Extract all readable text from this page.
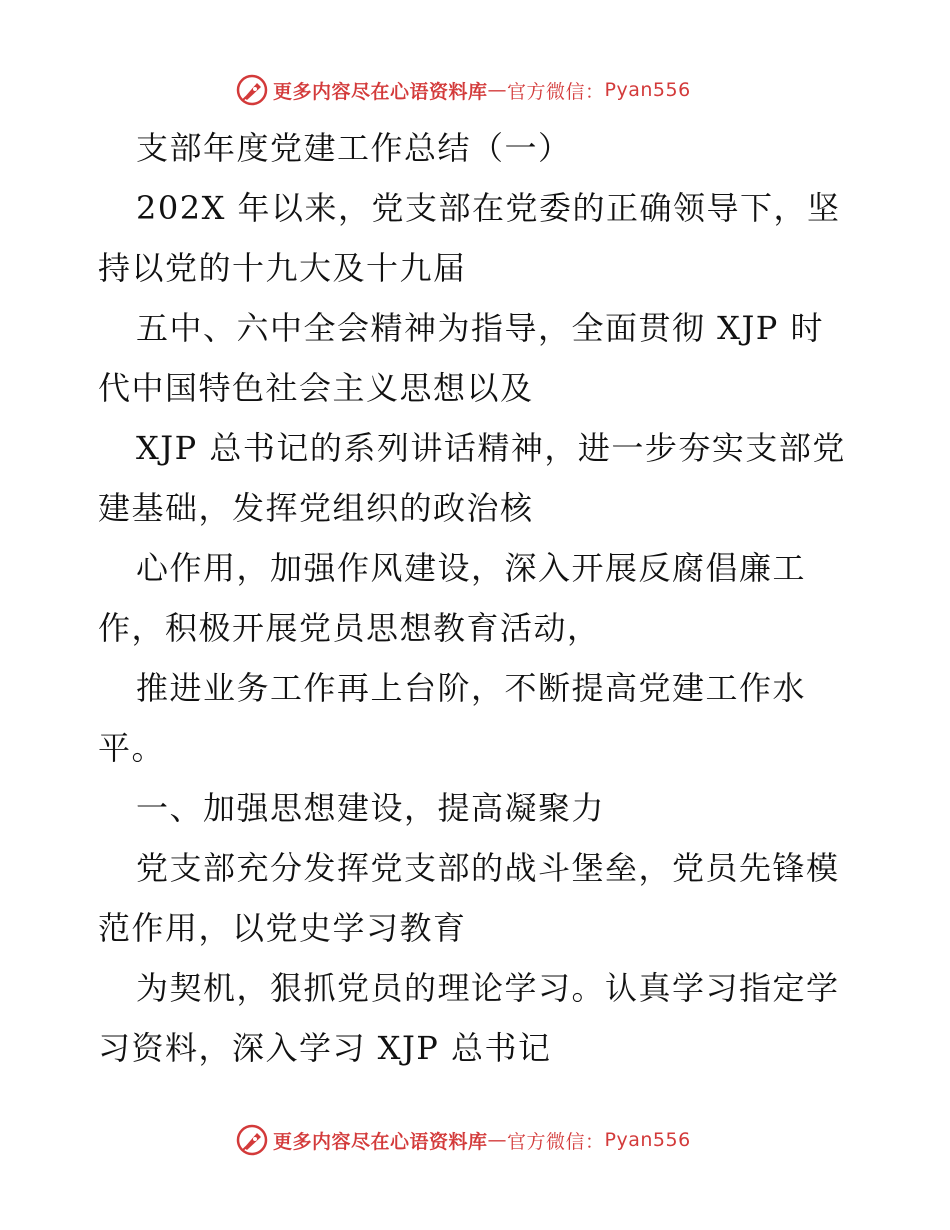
更多内容尽在心语资料库 — 官方微信： Pyan556
支部年度党建工作总结（一）
202X 年以来，党支部在党委的正确领导下，坚
持以党的十九大及十九届
五中、六中全会精神为指导，全面贯彻 XJP 时
代中国特色社会主义思想以及
XJP 总书记的系列讲话精神，进一步夯实支部党
建基础，发挥党组织的政治核
心作用，加强作风建设，深入开展反腐倡廉工
作，积极开展党员思想教育活动，
推进业务工作再上台阶，不断提高党建工作水
平。
一、加强思想建设，提高凝聚力
党支部充分发挥党支部的战斗堡垒，党员先锋模
范作用，以党史学习教育
为契机，狠抓党员的理论学习。认真学习指定学
习资料，深入学习 XJP 总书记
更多内容尽在心语资料库 — 官方微信： Pyan556
